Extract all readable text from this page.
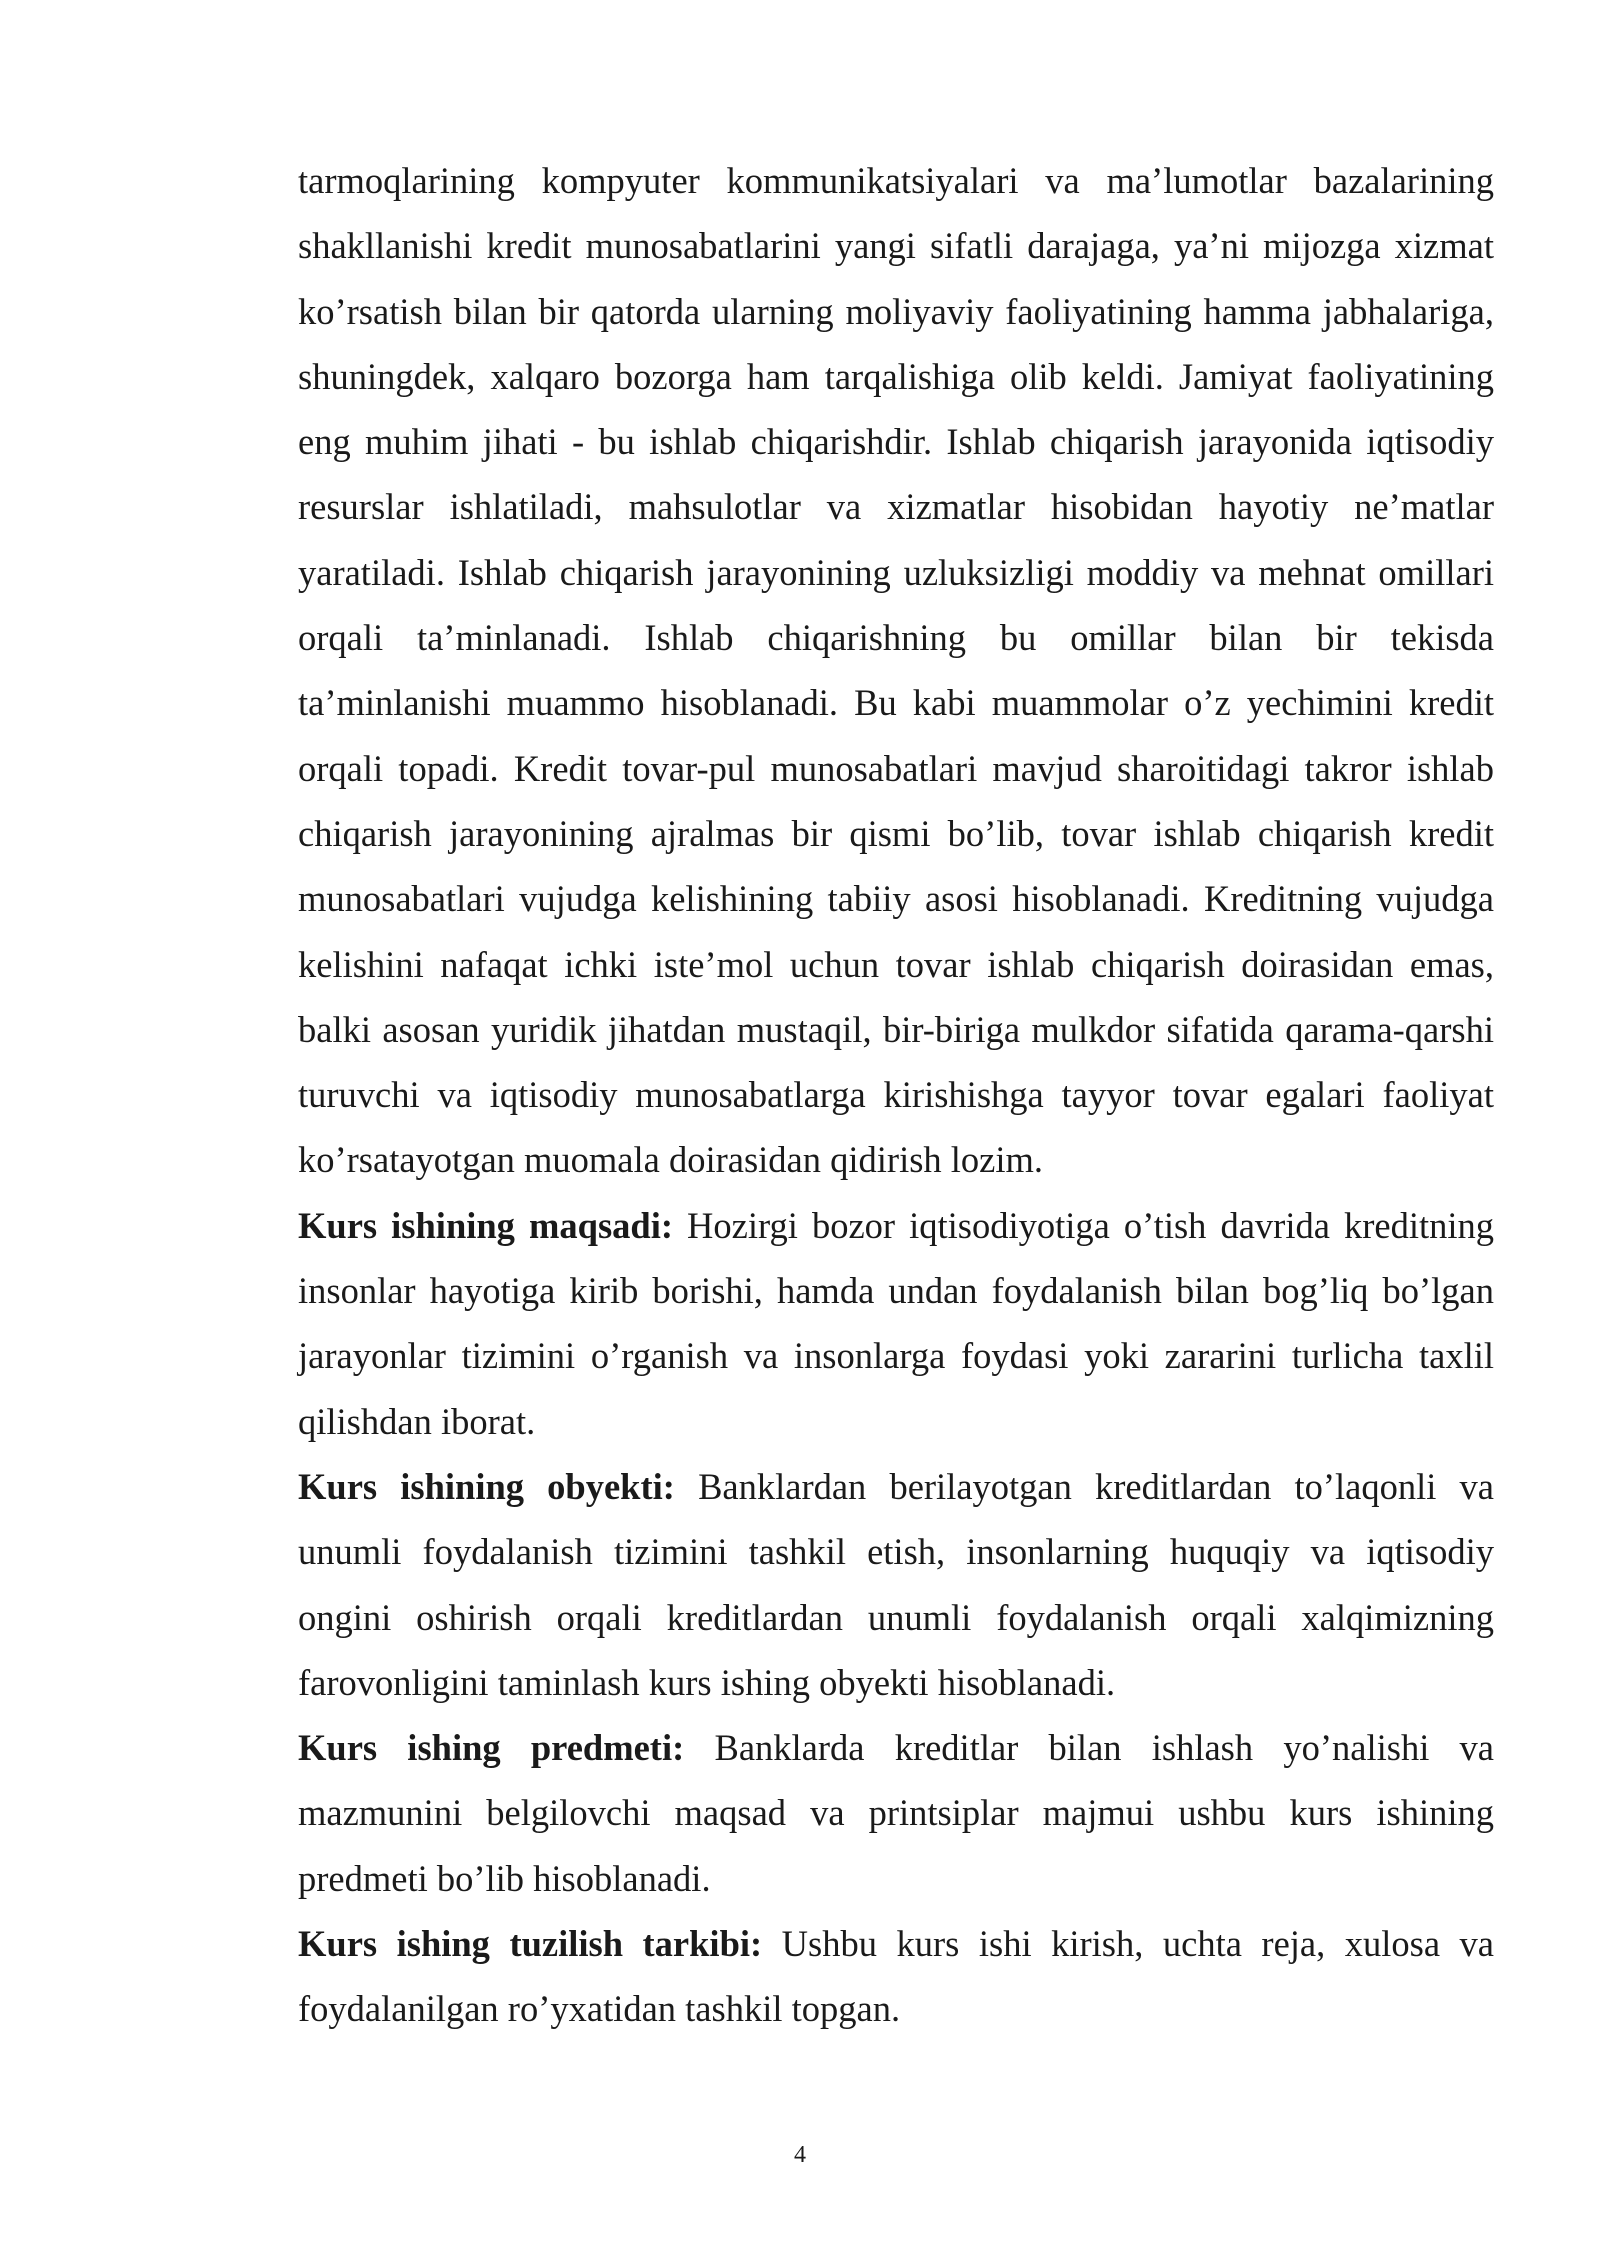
tarmoqlarining kompyuter kommunikatsiyalari va ma’lumotlar bazalarining shakllanishi kredit munosabatlarini yangi sifatli darajaga, ya’ni mijozga xizmat ko’rsatish bilan bir qatorda ularning moliyaviy faoliyatining hamma jabhalariga, shuningdek, xalqaro bozorga ham tarqalishiga olib keldi. Jamiyat faoliyatining eng muhim jihati - bu ishlab chiqarishdir. Ishlab chiqarish jarayonida iqtisodiy resurslar ishlatiladi, mahsulotlar va xizmatlar hisobidan hayotiy ne’matlar yaratiladi. Ishlab chiqarish jarayonining uzluksizligi moddiy va mehnat omillari orqali ta’minlanadi. Ishlab chiqarishning bu omillar bilan bir tekisda ta’minlanishi muammo hisoblanadi. Bu kabi muammolar o’z yechimini kredit orqali topadi. Kredit tovar-pul munosabatlari mavjud sharoitidagi takror ishlab chiqarish jarayonining ajralmas bir qismi bo’lib, tovar ishlab chiqarish kredit munosabatlari vujudga kelishining tabiiy asosi hisoblanadi. Kreditning vujudga kelishini nafaqat ichki iste’mol uchun tovar ishlab chiqarish doirasidan emas, balki asosan yuridik jihatdan mustaqil, bir-biriga mulkdor sifatida qarama-qarshi turuvchi va iqtisodiy munosabatlarga kirishishga tayyor tovar egalari faoliyat ko’rsatayotgan muomala doirasidan qidirish lozim.

Kurs ishining maqsadi: Hozirgi bozor iqtisodiyotiga o’tish davrida kreditning insonlar hayotiga kirib borishi, hamda undan foydalanish bilan bog’liq bo’lgan jarayonlar tizimini o’rganish va insonlarga foydasi yoki zararini turlicha taxlil qilishdan iborat.

Kurs ishining obyekti: Banklardan berilayotgan kreditlardan to’laqonli va unumli foydalanish tizimini tashkil etish, insonlarning huquqiy va iqtisodiy ongini oshirish orqali kreditlardan unumli foydalanish orqali xalqimizning farovonligini taminlash kurs ishing obyekti hisoblanadi.

Kurs ishing predmeti: Banklarda kreditlar bilan ishlash yo’nalishi va mazmunini belgilovchi maqsad va printsiplar majmui ushbu kurs ishining predmeti bo’lib hisoblanadi.

Kurs ishing tuzilish tarkibi: Ushbu kurs ishi kirish, uchta reja, xulosa va foydalanilgan ro’yxatidan tashkil topgan.

4
